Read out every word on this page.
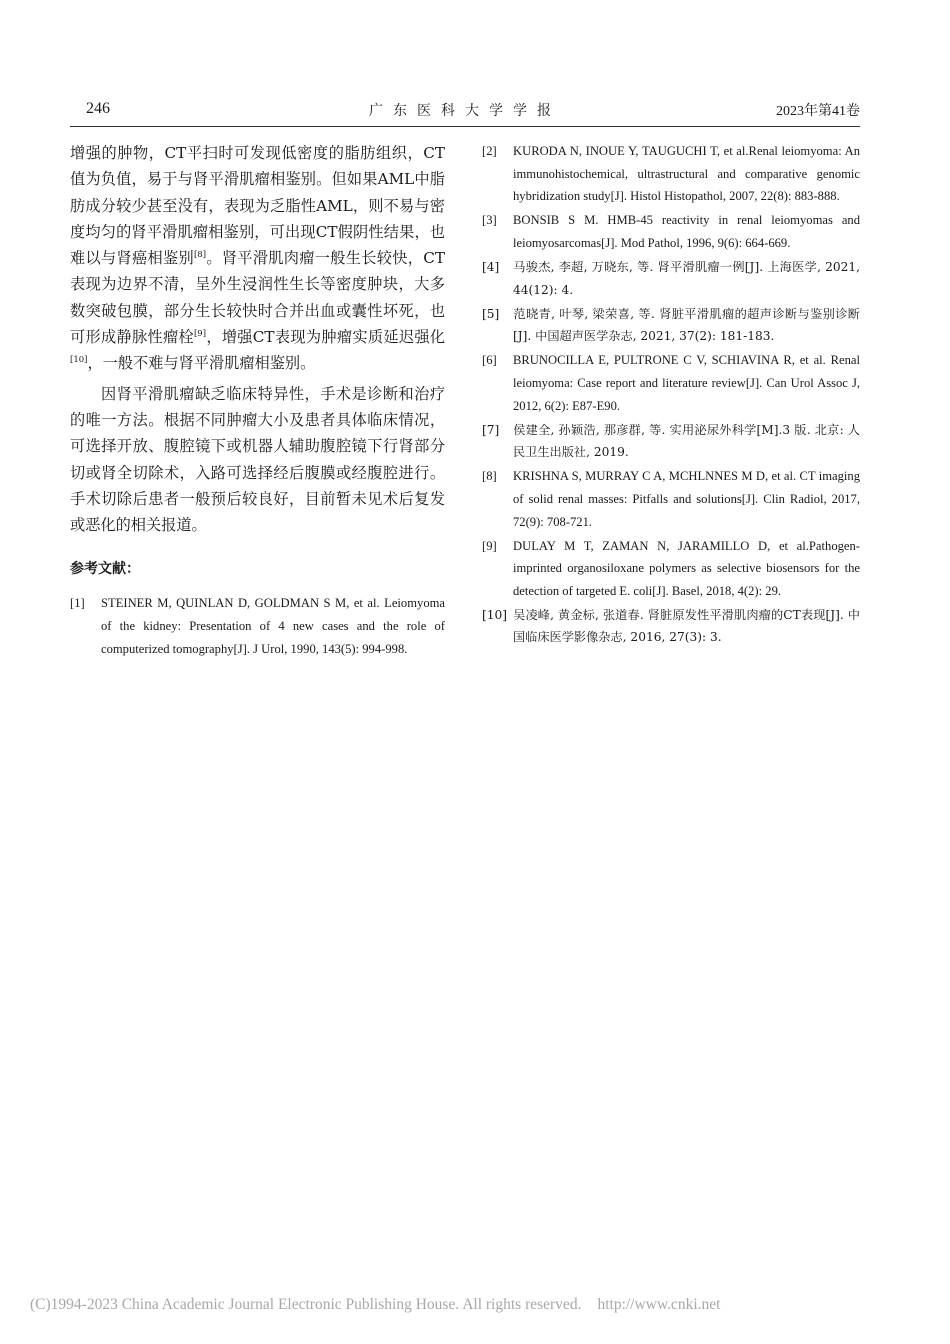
246	广东医科大学学报	2023年第41卷

增强的肿物，CT平扫时可发现低密度的脂肪组织，CT值为负值，易于与肾平滑肌瘤相鉴别。但如果AML中脂肪成分较少甚至没有，表现为乏脂性AML，则不易与密度均匀的肾平滑肌瘤相鉴别，可出现CT假阴性结果，也难以与肾癌相鉴别[8]。肾平滑肌肉瘤一般生长较快，CT表现为边界不清，呈外生浸润性生长等密度肿块，大多数突破包膜，部分生长较快时合并出血或囊性坏死，也可形成静脉性瘤栓[9]，增强CT表现为肿瘤实质延迟强化[10]，一般不难与肾平滑肌瘤相鉴别。

因肾平滑肌瘤缺乏临床特异性，手术是诊断和治疗的唯一方法。根据不同肿瘤大小及患者具体临床情况，可选择开放、腹腔镜下或机器人辅助腹腔镜下行肾部分切或肾全切除术，入路可选择经后腹膜或经腹腔进行。手术切除后患者一般预后较良好，目前暂未见术后复发或恶化的相关报道。

参考文献：

[1] STEINER M, QUINLAN D, GOLDMAN S M, et al. Leiomyoma of the kidney: Presentation of 4 new cases and the role of computerized tomography[J]. J Urol, 1990, 143(5): 994-998.

[2] KURODA N, INOUE Y, TAUGUCHI T, et al.Renal leiomyoma: An immunohistochemical, ultrastructural and comparative genomic hybridization study[J]. Histol Histopathol, 2007, 22(8): 883-888.

[3] BONSIB S M. HMB-45 reactivity in renal leiomyomas and leiomyosarcomas[J]. Mod Pathol, 1996, 9(6): 664-669.

[4] 马骏杰, 李超, 万晓东, 等. 肾平滑肌瘤一例[J]. 上海医学, 2021, 44(12): 4.

[5] 范晓青, 叶琴, 梁荣喜, 等. 肾脏平滑肌瘤的超声诊断与鉴别诊断[J]. 中国超声医学杂志, 2021, 37(2): 181-183.

[6] BRUNOCILLA E, PULTRONE C V, SCHIAVINA R, et al. Renal leiomyoma: Case report and literature review[J]. Can Urol Assoc J, 2012, 6(2): E87-E90.

[7] 侯建全, 孙颖浩, 那彦群, 等. 实用泌尿外科学[M].3 版. 北京: 人民卫生出版社, 2019.

[8] KRISHNA S, MURRAY C A, MCHLNNES M D, et al. CT imaging of solid renal masses: Pitfalls and solutions[J]. Clin Radiol, 2017, 72(9): 708-721.

[9] DULAY M T, ZAMAN N, JARAMILLO D, et al.Pathogen-imprinted organosiloxane polymers as selective biosensors for the detection of targeted E. coli[J]. Basel, 2018, 4(2): 29.

[10] 吴凌峰, 黄金标, 张道春. 肾脏原发性平滑肌肉瘤的CT表现[J]. 中国临床医学影像杂志, 2016, 27(3): 3.

(C)1994-2023 China Academic Journal Electronic Publishing House. All rights reserved. http://www.cnki.net
